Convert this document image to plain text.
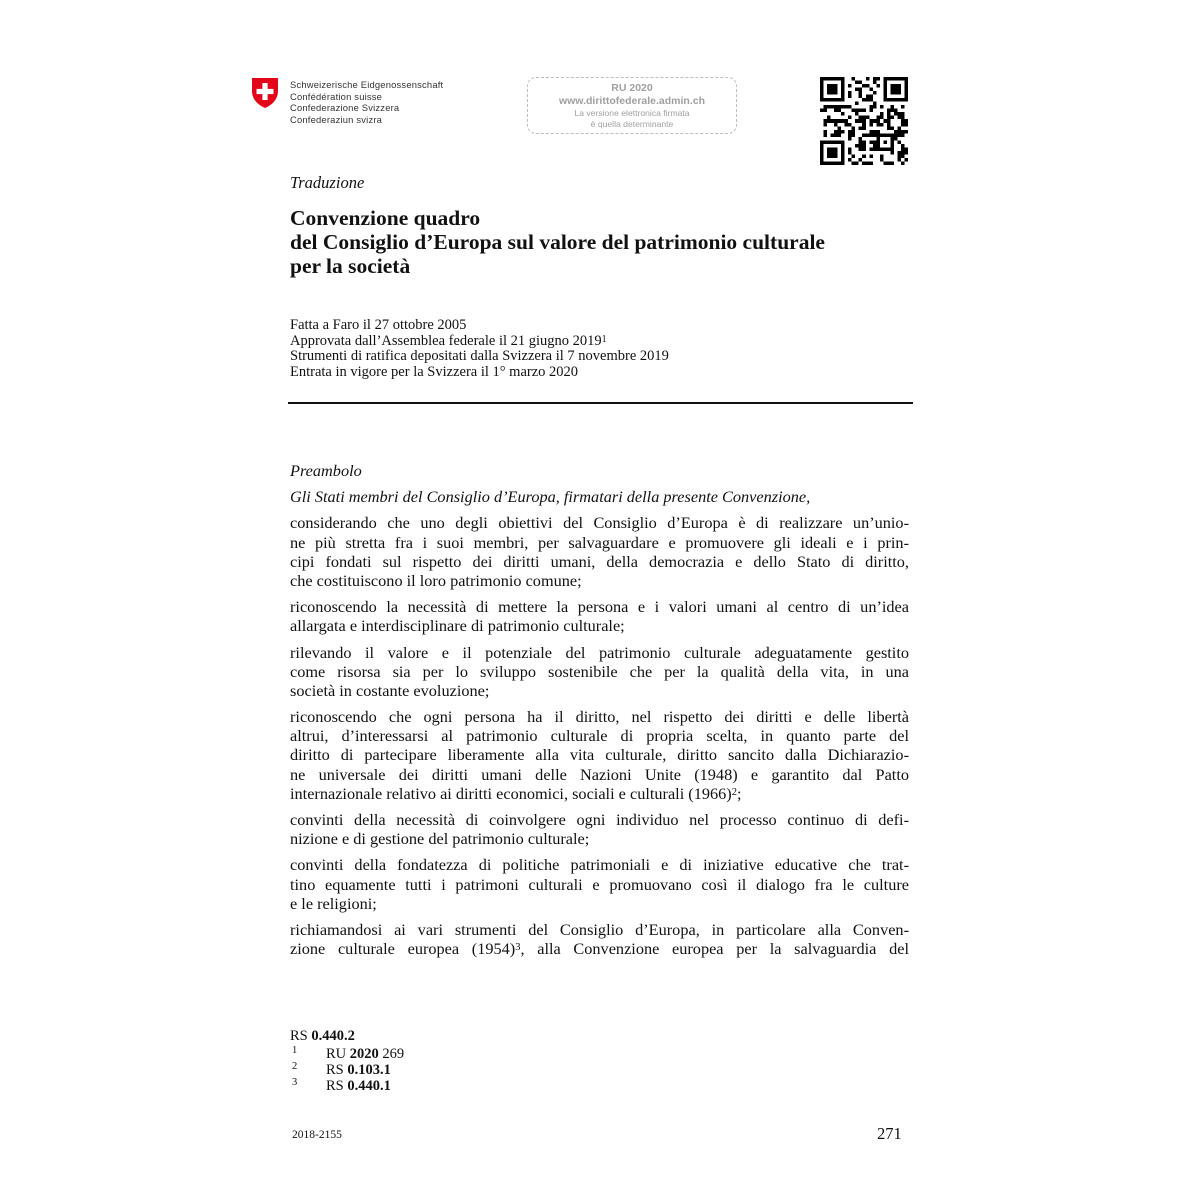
Schweizerische Eidgenossenschaft
Confédération suisse
Confederazione Svizzera
Confederaziun svizra
RU 2020
www.dirittofederale.admin.ch
La versione elettronica firmata
è quella determinante
Traduzione
Convenzione quadro
del Consiglio d’Europa sul valore del patrimonio culturale
per la società
Fatta a Faro il 27 ottobre 2005
Approvata dall’Assemblea federale il 21 giugno 2019$^1$
Strumenti di ratifica depositati dalla Svizzera il 7 novembre 2019
Entrata in vigore per la Svizzera il 1° marzo 2020
Preambolo
Gli Stati membri del Consiglio d’Europa, firmatari della presente Convenzione,
considerando che uno degli obiettivi del Consiglio d’Europa è di realizzare un’unio-
ne più stretta fra i suoi membri, per salvaguardare e promuovere gli ideali e i prin-
cipi fondati sul rispetto dei diritti umani, della democrazia e dello Stato di diritto,
che costituiscono il loro patrimonio comune;
riconoscendo la necessità di mettere la persona e i valori umani al centro di un’idea
allargata e interdisciplinare di patrimonio culturale;
rilevando il valore e il potenziale del patrimonio culturale adeguatamente gestito
come risorsa sia per lo sviluppo sostenibile che per la qualità della vita, in una
società in costante evoluzione;
riconoscendo che ogni persona ha il diritto, nel rispetto dei diritti e delle libertà
altrui, d’interessarsi al patrimonio culturale di propria scelta, in quanto parte del
diritto di partecipare liberamente alla vita culturale, diritto sancito dalla Dichiarazio-
ne universale dei diritti umani delle Nazioni Unite (1948) e garantito dal Patto
internazionale relativo ai diritti economici, sociali e culturali $(1966)^2$;
convinti della necessità di coinvolgere ogni individuo nel processo continuo di defi-
nizione e di gestione del patrimonio culturale;
convinti della fondatezza di politiche patrimoniali e di iniziative educative che trat-
tino equamente tutti i patrimoni culturali e promuovano così il dialogo fra le culture
e le religioni;
richiamandosi ai vari strumenti del Consiglio d’Europa, in particolare alla Conven-
zione culturale europea $(1954)^3$, alla Convenzione europea per la salvaguardia del
RS 0.440.2
1 RU 2020 269
2 RS 0.103.1
3 RS 0.440.1
2018-2155	271
